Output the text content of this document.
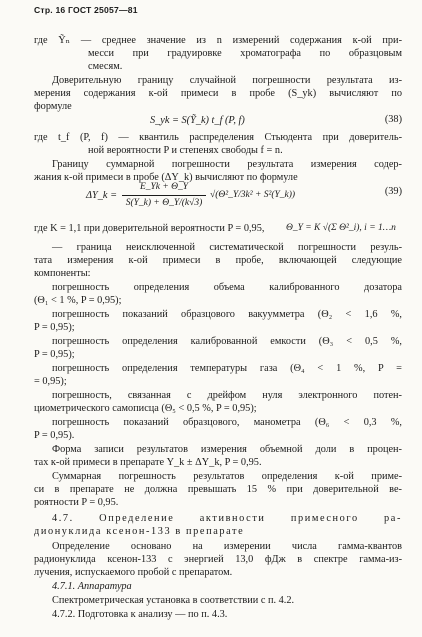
Стр. 16 ГОСТ 25057—81
где Ỹₙ — среднее значение из n измерений содержания к-ой при-
месси при градуировке хроматографа по образцовым
смесям.
Доверительную границу случайной погрешности результата из-
мерения содержания к-ой примеси в пробе (S_yk) вычисляют по
формуле
S_yk = S(Ỹ_k) t_f (P, f)	(38)
где t_f (P, f) — квантиль распределения Стьюдента при доверитель-
ной вероятности P и степенях свободы f = n.
Границу суммарной погрешности результата измерения содер-
жания к-ой примеси в пробе (ΔY_k) вычисляют по формуле
ΔY_k =
E_Yk + Θ_Y
S(Y_k) + Θ_Y/(k√3)
√(Θ²_Y/3k² + S²(Y_k))	(39)
где K = 1,1 при доверительной вероятности P = 0,95, Θ_Y = K √(Σ Θ²_i), i = 1…n
— граница неисключенной систематической погрешности резуль-
тата измерения к-ой примеси в пробе, включающей следующие
компоненты:
погрешность определения объема калиброванного дозатора
(Θ₁ < 1 %, P = 0,95);
погрешность показаний образцового вакуумметра (Θ₂ < 1,6 %,
P = 0,95);
погрешность определения калиброванной емкости (Θ₃ < 0,5 %,
P = 0,95);
погрешность определения температуры газа (Θ₄ < 1 %, P =
= 0,95);
погрешность, связанная с дрейфом нуля электронного потен-
циометрического самописца (Θ₅ < 0,5 %, P = 0,95);
погрешность показаний образцового, манометра (Θ₆ < 0,3 %,
P = 0,95).
Форма записи результатов измерения объемной доли в процен-
тах к-ой примеси в препарате Y_k ± ΔY_k, P = 0,95.
Суммарная погрешность результатов определения к-ой приме-
си в препарате не должна превышать 15 % при доверительной ве-
роятности P = 0,95.
4.7. Определение активности примесного ра-
дионуклида ксенон-133 в препарате
Определение основано на измерении числа гамма-квантов
радионуклида ксенон-133 с энергией 13,0 фДж в спектре гамма-из-
лучения, испускаемого пробой с препаратом.
4.7.1. Аппаратура
Спектрометрическая установка в соответствии с п. 4.2.
4.7.2. Подготовка к анализу — по п. 4.3.
